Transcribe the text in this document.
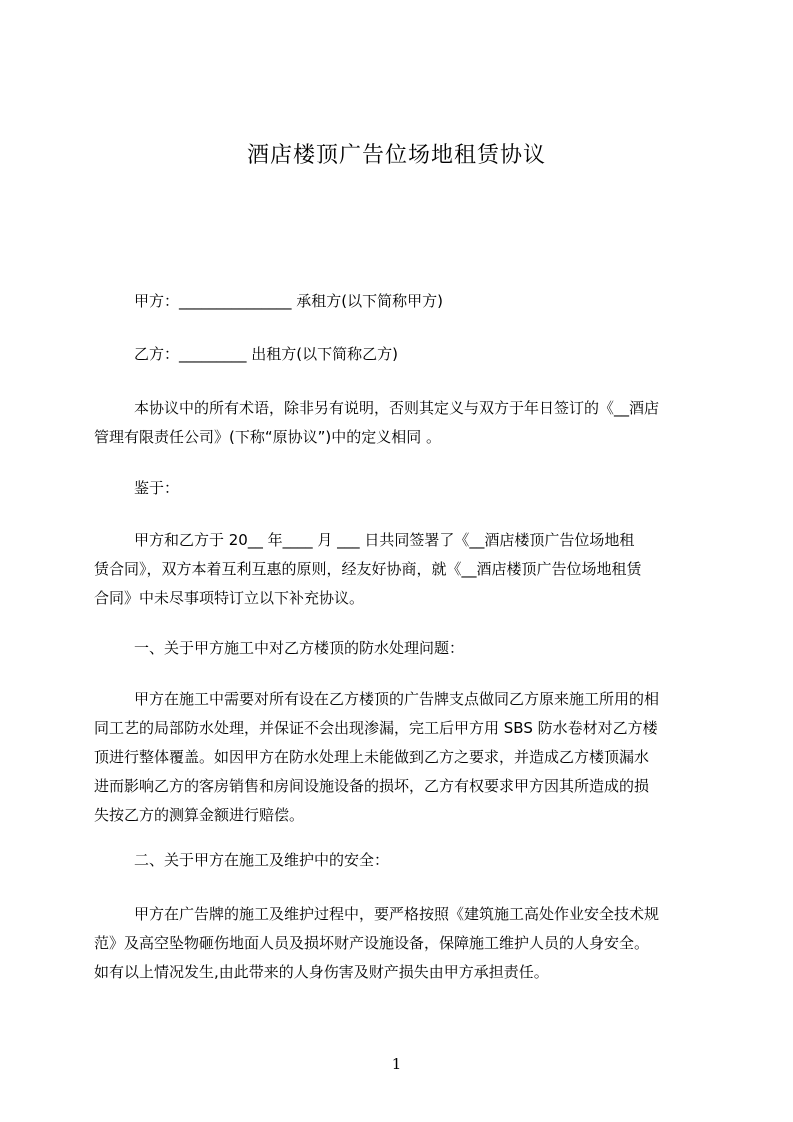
酒店楼顶广告位场地租赁协议
甲方：_______________ 承租方(以下简称甲方)
乙方：_________ 出租方(以下简称乙方)
本协议中的所有术语，除非另有说明，否则其定义与双方于年日签订的《__酒店
管理有限责任公司》(下称“原协议”)中的定义相同 。
鉴于：
甲方和乙方于 20__ 年____ 月 ___ 日共同签署了《__酒店楼顶广告位场地租
赁合同》，双方本着互利互惠的原则，经友好协商，就《__酒店楼顶广告位场地租赁
合同》中未尽事项特订立以下补充协议。
一、关于甲方施工中对乙方楼顶的防水处理问题：
甲方在施工中需要对所有设在乙方楼顶的广告牌支点做同乙方原来施工所用的相
同工艺的局部防水处理，并保证不会出现渗漏，完工后甲方用 SBS 防水卷材对乙方楼
顶进行整体覆盖。如因甲方在防水处理上未能做到乙方之要求，并造成乙方楼顶漏水
进而影响乙方的客房销售和房间设施设备的损坏，乙方有权要求甲方因其所造成的损
失按乙方的测算金额进行赔偿。
二、关于甲方在施工及维护中的安全：
甲方在广告牌的施工及维护过程中，要严格按照《建筑施工高处作业安全技术规
范》及高空坠物砸伤地面人员及损坏财产设施设备，保障施工维护人员的人身安全。
如有以上情况发生,由此带来的人身伤害及财产损失由甲方承担责任。
1
